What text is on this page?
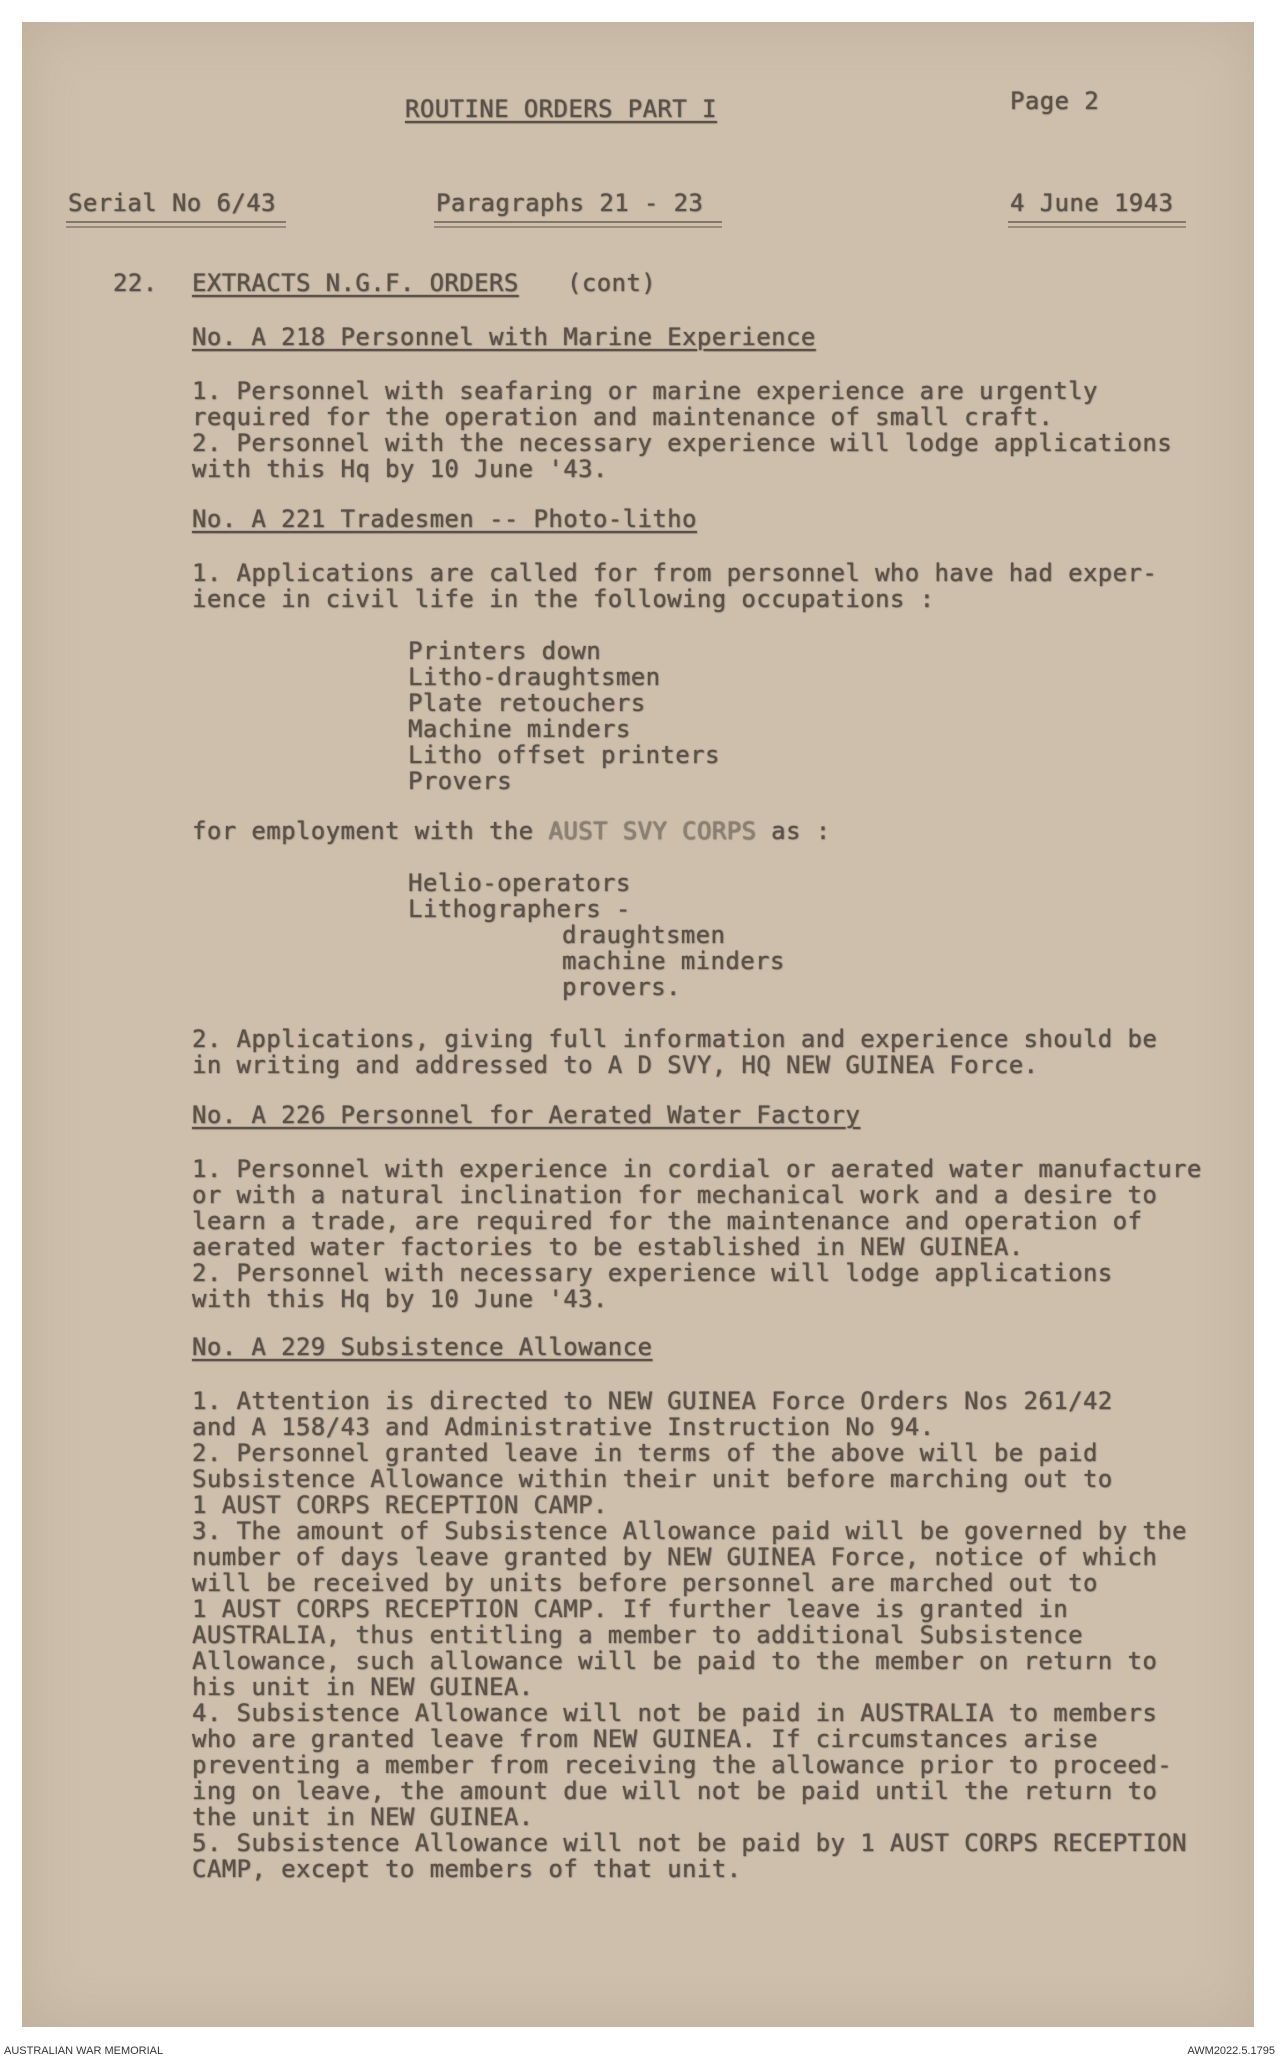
ROUTINE ORDERS PART I	Page 2
Serial No 6/43	Paragraphs 21 - 23	4 June 1943
22. EXTRACTS N.G.F. ORDERS (cont)
No. A 218 Personnel with Marine Experience
1. Personnel with seafaring or marine experience are urgently
required for the operation and maintenance of small craft.
2. Personnel with the necessary experience will lodge applications
with this Hq by 10 June '43.
No. A 221 Tradesmen -- Photo-litho
1. Applications are called for from personnel who have had exper-
ience in civil life in the following occupations :
Printers down
Litho-draughtsmen
Plate retouchers
Machine minders
Litho offset printers
Provers
for employment with the AUST SVY CORPS as :
Helio-operators
Lithographers -
draughtsmen
machine minders
provers.
2. Applications, giving full information and experience should be
in writing and addressed to A D SVY, HQ NEW GUINEA Force.
No. A 226 Personnel for Aerated Water Factory
1. Personnel with experience in cordial or aerated water manufacture
or with a natural inclination for mechanical work and a desire to
learn a trade, are required for the maintenance and operation of
aerated water factories to be established in NEW GUINEA.
2. Personnel with necessary experience will lodge applications
with this Hq by 10 June '43.
No. A 229 Subsistence Allowance
1. Attention is directed to NEW GUINEA Force Orders Nos 261/42
and A 158/43 and Administrative Instruction No 94.
2. Personnel granted leave in terms of the above will be paid
Subsistence Allowance within their unit before marching out to
1 AUST CORPS RECEPTION CAMP.
3. The amount of Subsistence Allowance paid will be governed by the
number of days leave granted by NEW GUINEA Force, notice of which
will be received by units before personnel are marched out to
1 AUST CORPS RECEPTION CAMP. If further leave is granted in
AUSTRALIA, thus entitling a member to additional Subsistence
Allowance, such allowance will be paid to the member on return to
his unit in NEW GUINEA.
4. Subsistence Allowance will not be paid in AUSTRALIA to members
who are granted leave from NEW GUINEA. If circumstances arise
preventing a member from receiving the allowance prior to proceed-
ing on leave, the amount due will not be paid until the return to
the unit in NEW GUINEA.
5. Subsistence Allowance will not be paid by 1 AUST CORPS RECEPTION
CAMP, except to members of that unit.
AUSTRALIAN WAR MEMORIAL	AWM2022.5.1795
